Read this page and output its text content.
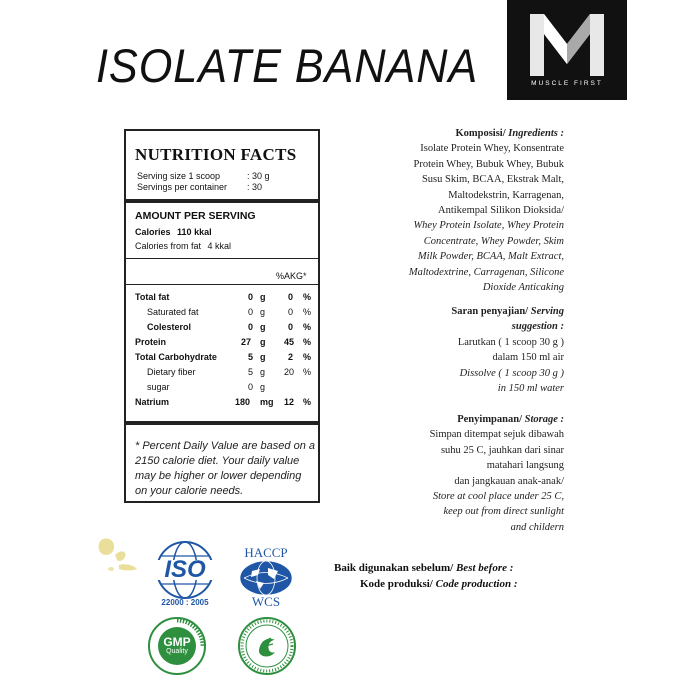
ISOLATE BANANA	MUSCLE FIRST
NUTRITION FACTS
Serving size 1 scoop	: 30 g
Servings per container : 30
AMOUNT PER SERVING
Calories 110 kkal
Calories from fat 4 kkal
%AKG*
Total fat	0 g	0 %
Saturated fat	0 g	0 %
Colesterol	0 g	0 %
Protein	27 g 45 %
Total Carbohydrate	5 g	2 %
Dietary fiber	5 g 20 %
sugar	0 g
Natrium	180 mg 12 %
* Percent Daily Value are based on a 2150 calorie diet. Your daily value may be higher or lower depending on your calorie needs.
Komposisi/ Ingredients :
Isolate Protein Whey, Konsentrate
Protein Whey, Bubuk Whey, Bubuk
Susu Skim, BCAA, Ekstrak Malt,
Maltodekstrin, Karragenan,
Antikempal Silikon Dioksida/
Whey Protein Isolate, Whey Protein
Concentrate, Whey Powder, Skim
Milk Powder, BCAA, Malt Extract,
Maltodextrine, Carragenan, Silicone
Dioxide Anticaking
Saran penyajian/ Serving
suggestion :
Larutkan ( 1 scoop 30 g )
dalam 150 ml air
Dissolve ( 1 scoop 30 g )
in 150 ml water
Penyimpanan/ Storage :
Simpan ditempat sejuk dibawah
suhu 25 C, jauhkan dari sinar
matahari langsung
dan jangkauan anak-anak/
Store at cool place under 25 C,
keep out from direct sunlight
and childern
Baik digunakan sebelum/ Best before :
Kode produksi/ Code production :
ISO
22000 : 2005
HACCP
WCS
GMP
Quality
